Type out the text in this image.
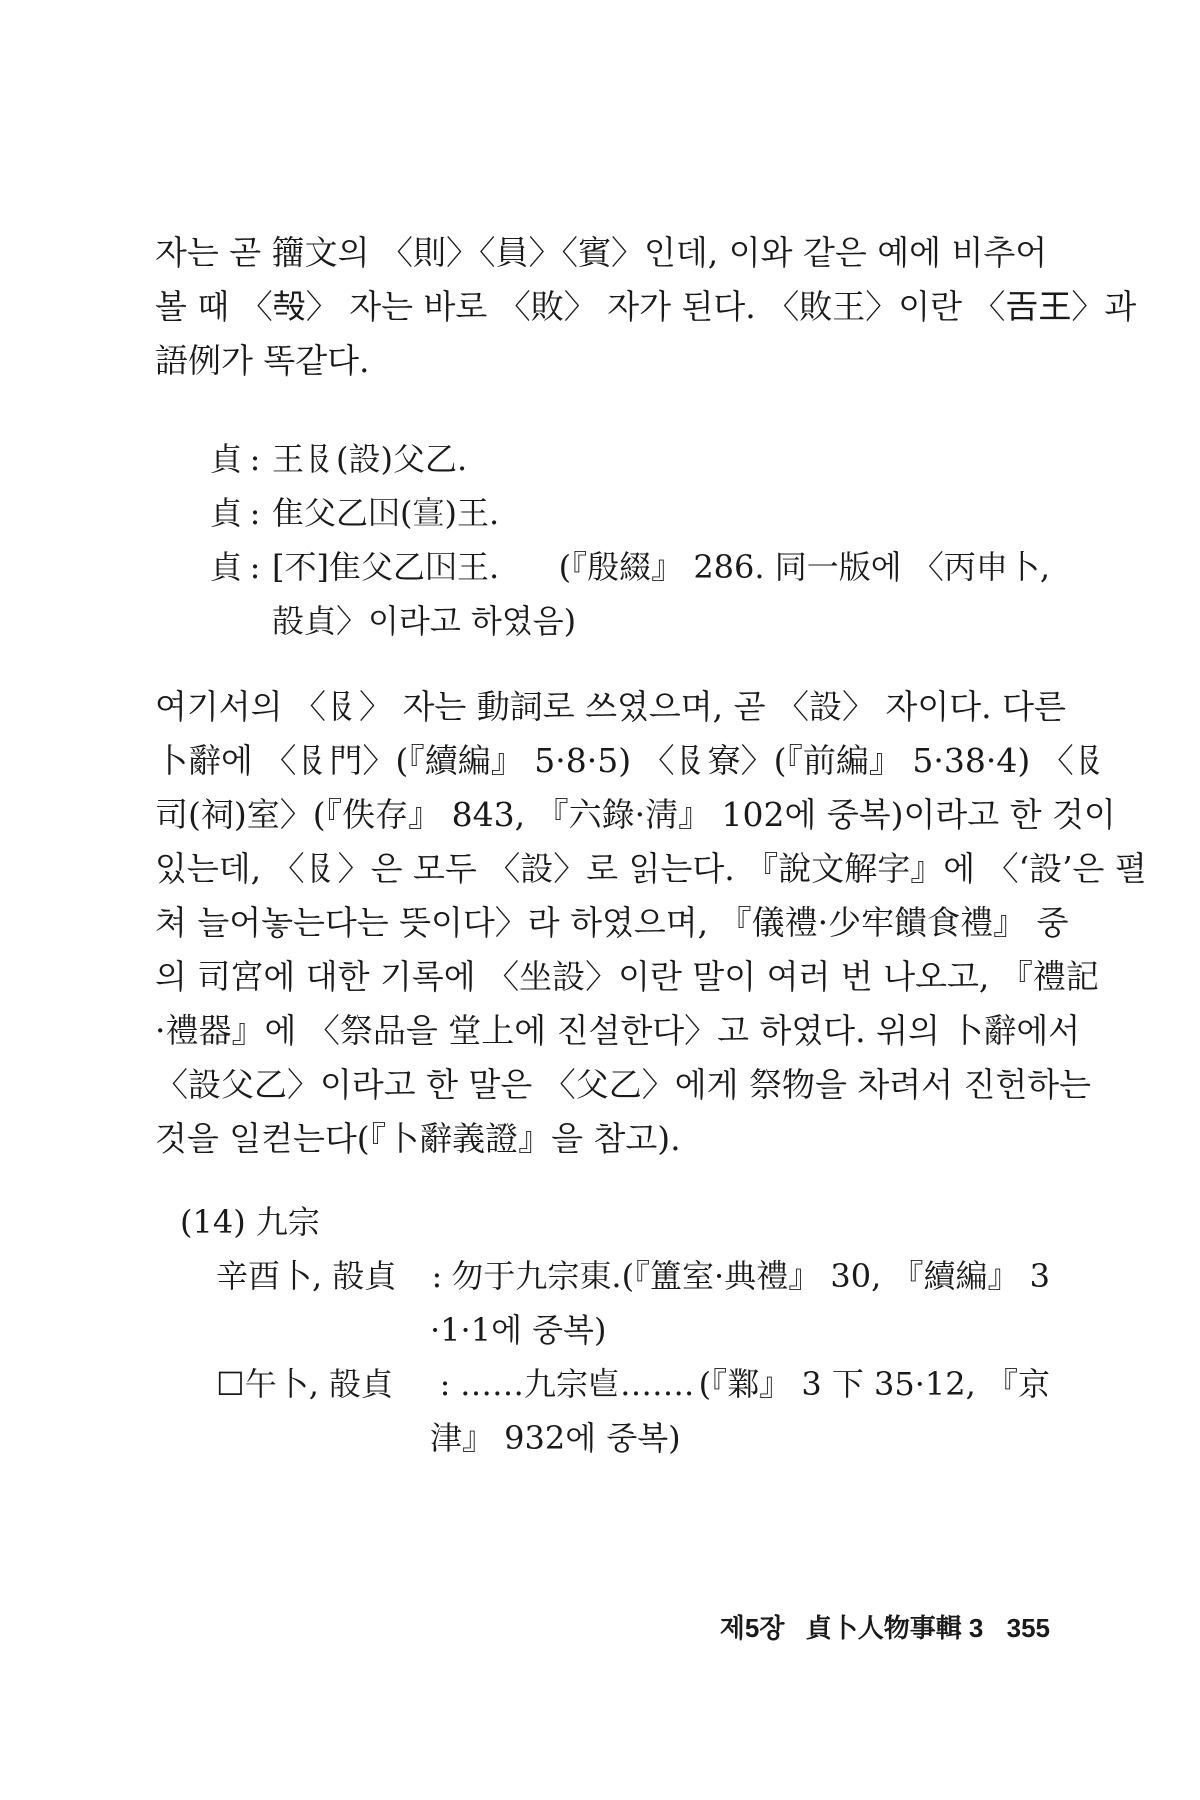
자는 곧 籒文의 〈則〉〈員〉〈賓〉인데, 이와 같은 예에 비추어
볼 때 〈𣪊〉 자는 바로 〈敗〉 자가 된다. 〈敗王〉이란 〈𢀛王〉과
語例가 똑같다.

貞 : 王𠬝(設)父乙.
貞 : 隹父乙𡆥(𡪏)王.
貞 : [不]隹父乙𡆥王. (『殷綴』 286. 同一版에 〈丙申卜,
㱿貞〉이라고 하였음)

여기서의 〈𠬝〉 자는 動詞로 쓰였으며, 곧 〈設〉 자이다. 다른
卜辭에 〈𠬝門〉(『續編』 5·8·5) 〈𠬝寮〉(『前編』 5·38·4) 〈𠬝
司(祠)室〉(『佚存』 843, 『六錄·淸』 102에 중복)이라고 한 것이
있는데, 〈𠬝〉은 모두 〈設〉로 읽는다. 『說文解字』에 〈‘設’은 펼
쳐 늘어놓는다는 뜻이다〉라 하였으며, 『儀禮·少牢饋食禮』 중
의 司宮에 대한 기록에 〈坐設〉이란 말이 여러 번 나오고, 『禮記
·禮器』에 〈祭品을 堂上에 진설한다〉고 하였다. 위의 卜辭에서
〈設父乙〉이라고 한 말은 〈父乙〉에게 祭物을 차려서 진헌하는
것을 일컫는다(『卜辭義證』을 참고).

(14) 九宗
辛酉卜, 㱿貞	: 勿于九宗𣐺. (『簠室·典禮』 30, 『續編』 3
·1·1에 중복)
☐午卜, 㱿貞	: ……九宗𠧢……. (『鄴』 3 下 35·12, 『京
津』 932에 중복)
제5장 貞卜人物事輯 3 355
